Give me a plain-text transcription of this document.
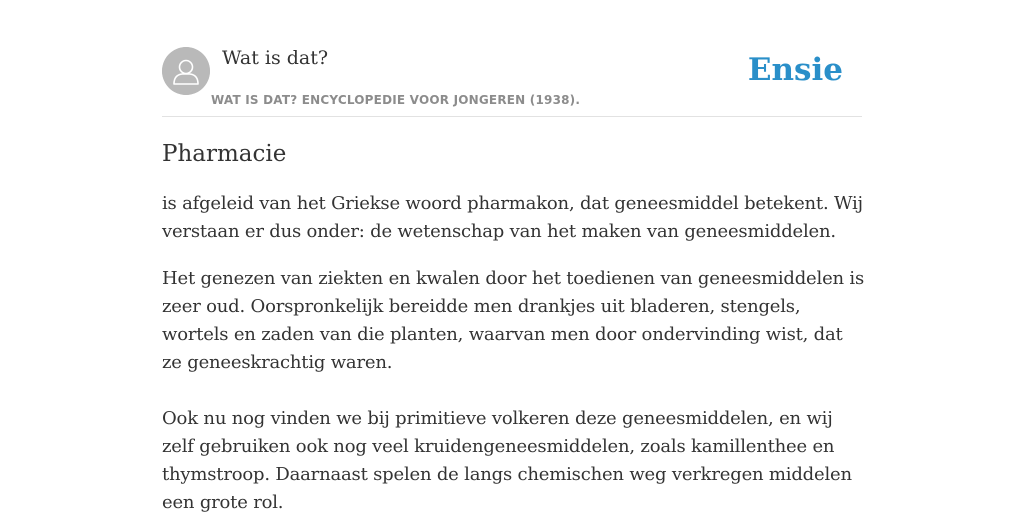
Wat is dat?
WAT IS DAT? ENCYCLOPEDIE VOOR JONGEREN (1938).
Ensie
Pharmacie

is afgeleid van het Griekse woord pharmakon, dat geneesmiddel betekent. Wij verstaan er dus onder: de wetenschap van het maken van geneesmiddelen.

Het genezen van ziekten en kwalen door het toedienen van geneesmiddelen is zeer oud. Oorspronkelijk bereidde men drankjes uit bladeren, stengels, wortels en zaden van die planten, waarvan men door ondervinding wist, dat ze geneeskrachtig waren.

Ook nu nog vinden we bij primitieve volkeren deze geneesmiddelen, en wij zelf gebruiken ook nog veel kruidengeneesmiddelen, zoals kamillenthee en thymstroop. Daarnaast spelen de langs chemischen weg verkregen middelen een grote rol.
